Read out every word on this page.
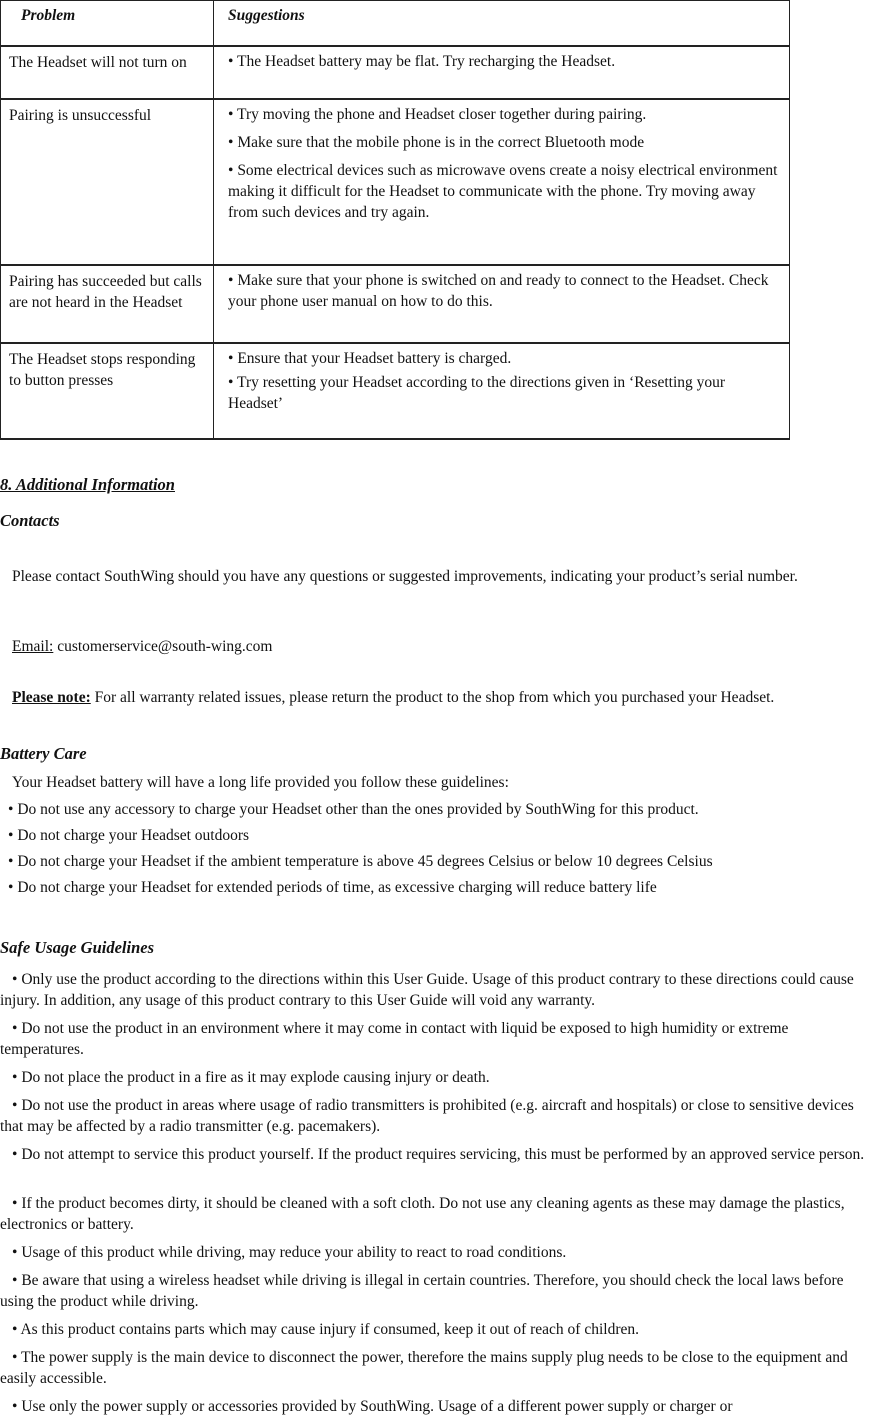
Problem	Suggestions
The Headset will not turn on	• The Headset battery may be flat. Try recharging the Headset.

Pairing is unsuccessful	• Try moving the phone and Headset closer together during pairing.

• Make sure that the mobile phone is in the correct Bluetooth mode

• Some electrical devices such as microwave ovens create a noisy electrical environment making it difficult for the Headset to communicate with the phone. Try moving away from such devices and try again.

Pairing has succeeded but calls are not heard in the Headset	• Make sure that your phone is switched on and ready to connect to the Headset. Check your phone user manual on how to do this.

The Headset stops responding to button presses	• Ensure that your Headset battery is charged.

• Try resetting your Headset according to the directions given in ‘Resetting your Headset’

8. Additional Information
Contacts

Please contact SouthWing should you have any questions or suggested improvements, indicating your product’s serial number.

Email: customerservice@south-wing.com

Please note: For all warranty related issues, please return the product to the shop from which you purchased your Headset.

Battery Care

Your Headset battery will have a long life provided you follow these guidelines:

• Do not use any accessory to charge your Headset other than the ones provided by SouthWing for this product.

• Do not charge your Headset outdoors

• Do not charge your Headset if the ambient temperature is above 45 degrees Celsius or below 10 degrees Celsius

• Do not charge your Headset for extended periods of time, as excessive charging will reduce battery life

Safe Usage Guidelines

• Only use the product according to the directions within this User Guide. Usage of this product contrary to these directions could cause injury. In addition, any usage of this product contrary to this User Guide will void any warranty.

• Do not use the product in an environment where it may come in contact with liquid be exposed to high humidity or extreme temperatures.

• Do not place the product in a fire as it may explode causing injury or death.

• Do not use the product in areas where usage of radio transmitters is prohibited (e.g. aircraft and hospitals) or close to sensitive devices that may be affected by a radio transmitter (e.g. pacemakers).

• Do not attempt to service this product yourself. If the product requires servicing, this must be performed by an approved service person.

• If the product becomes dirty, it should be cleaned with a soft cloth. Do not use any cleaning agents as these may damage the plastics, electronics or battery.

• Usage of this product while driving, may reduce your ability to react to road conditions.

• Be aware that using a wireless headset while driving is illegal in certain countries. Therefore, you should check the local laws before using the product while driving.

• As this product contains parts which may cause injury if consumed, keep it out of reach of children.

• The power supply is the main device to disconnect the power, therefore the mains supply plug needs to be close to the equipment and easily accessible.

• Use only the power supply or accessories provided by SouthWing. Usage of a different power supply or charger or
